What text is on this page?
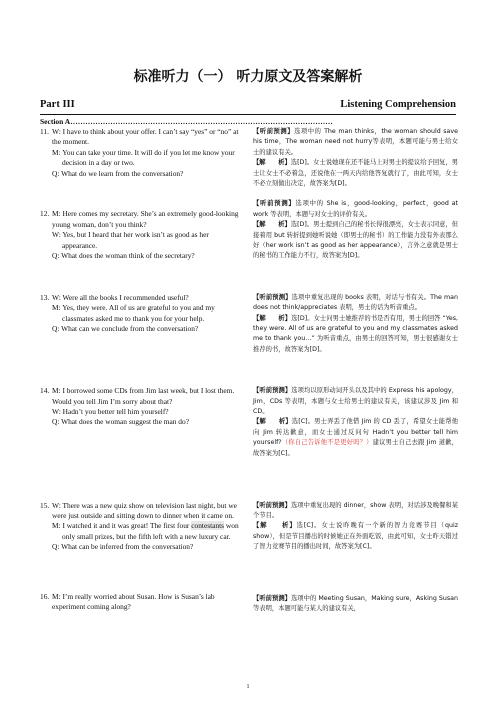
标准听力（一） 听力原文及答案解析
Part III	Listening Comprehension
Section A……………………………………………………………………………………………

11. W: I have to think about your offer. I can’t say “yes” or “no” at the moment.

M: You can take your time. It will do if you let me know your decision in a day or two.

Q: What do we learn from the conversation?

12. M: Here comes my secretary. She’s an extremely good-looking young woman, don’t you think?

W: Yes, but I heard that her work isn’t as good as her appearance.

Q: What does the woman think of the secretary?

13. W: Were all the books I recommended useful?

M: Yes, they were. All of us are grateful to you and my classmates asked me to thank you for your help.

Q: What can we conclude from the conversation?

14. M: I borrowed some CDs from Jim last week, but I lost them. Would you tell Jim I’m sorry about that?

W: Hadn’t you better tell him yourself?

Q: What does the woman suggest the man do?

15. W: There was a new quiz show on television last night, but we were just outside and sitting down to dinner when it came on.

M: I watched it and it was great! The first four contestants won only small prizes, but the fifth left with a new luxury car.

Q: What can be inferred from the conversation?

16. M: I’m really worried about Susan. How is Susan’s lab experiment coming along?

【听前预测】选项中的 The man thinks，the woman should save his time，The woman need not hurry等表明，本题可能与男士给女士的建议有关。

【解　　析】选[D]。女士说她现在还不能马上对男士的提议给予回复，男士让女士不必着急，还说他在一两天内给他答复就行了，由此可知，女士不必立刻做出决定，故答案为[D]。

【听前预测】选项中的 She is，good-looking，perfect，good at work 等表明，本题与对女士的评价有关。

【解　　析】选[D]。男士提到自己的秘书长得很漂亮，女士表示同意，但接着用 but 转折提到她听说她（即男士的秘书）的工作能力没有外表那么好（her work isn’t as good as her appearance），言外之意就是男士的秘书的工作能力不行，故答案为[D]。

【听前预测】选项中重复出现的 books 表明，对话与书有关。The man does not think/appreciates 表明，男士的话为听音重点。

【解　　析】选[D]。女士问男士她推荐的书是否有用，男士的回答 “Yes, they were. All of us are grateful to you and my classmates asked me to thank you…” 为听音重点，由男士的回答可知，男士很感谢女士推荐的书，故答案为[D]。

【听前预测】选项均以原形动词开头以及其中的 Express his apology，Jim，CDs 等表明，本题与女士给男士的建议有关，该建议涉及 Jim 和 CD。

【解　　析】选[C]。男士弄丢了他借 Jim 的 CD 丢了，希望女士能帮他向 Jim 转达歉意，而女士通过反问句 Hadn’t you better tell him yourself?（你自己告诉他不是更好吗？）建议男士自己去跟 Jim 道歉，故答案为[C]。

【听前预测】选项中重复出现的 dinner，show 表明，对话涉及晚餐和某个节目。

【解　　析】选[C]。女士说昨晚有一个新的智力竞赛节目（quiz show），但是节目播出的时候她正在外面吃饭，由此可知，女士昨天错过了智力竞赛节目的播出时间，故答案为[C]。

【听前预测】选项中的 Meeting Susan，Making sure，Asking Susan 等表明，本题可能与某人的建议有关，

1
